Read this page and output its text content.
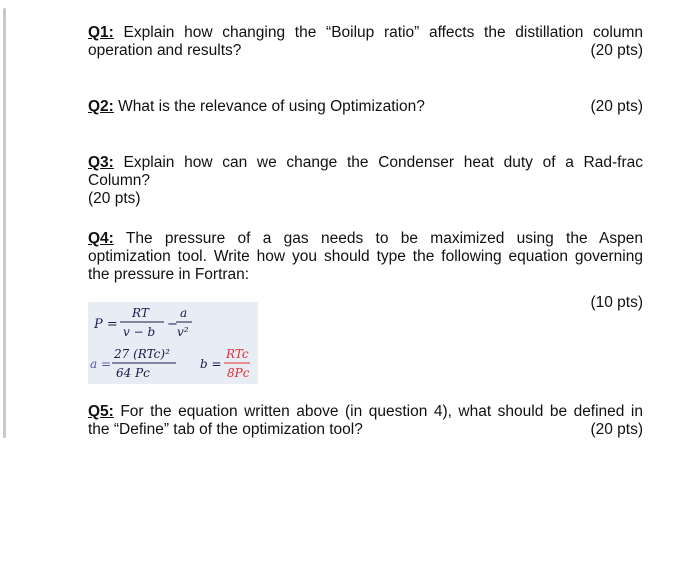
Q1: Explain how changing the “Boilup ratio” affects the distillation column
operation and results?	(20 pts)
Q2: What is the relevance of using Optimization?	(20 pts)
Q3: Explain how can we change the Condenser heat duty of a Rad-frac
Column?
(20 pts)
Q4: The pressure of a gas needs to be maximized using the Aspen
optimization tool. Write how you should type the following equation governing
the pressure in Fortran:
(10 pts)
P =
RT
v − b −
a
v²
a =
27 (RTc)²
64 Pc
b =
RTc
8Pc
Q5: For the equation written above (in question 4), what should be defined in
the “Define” tab of the optimization tool?	(20 pts)
